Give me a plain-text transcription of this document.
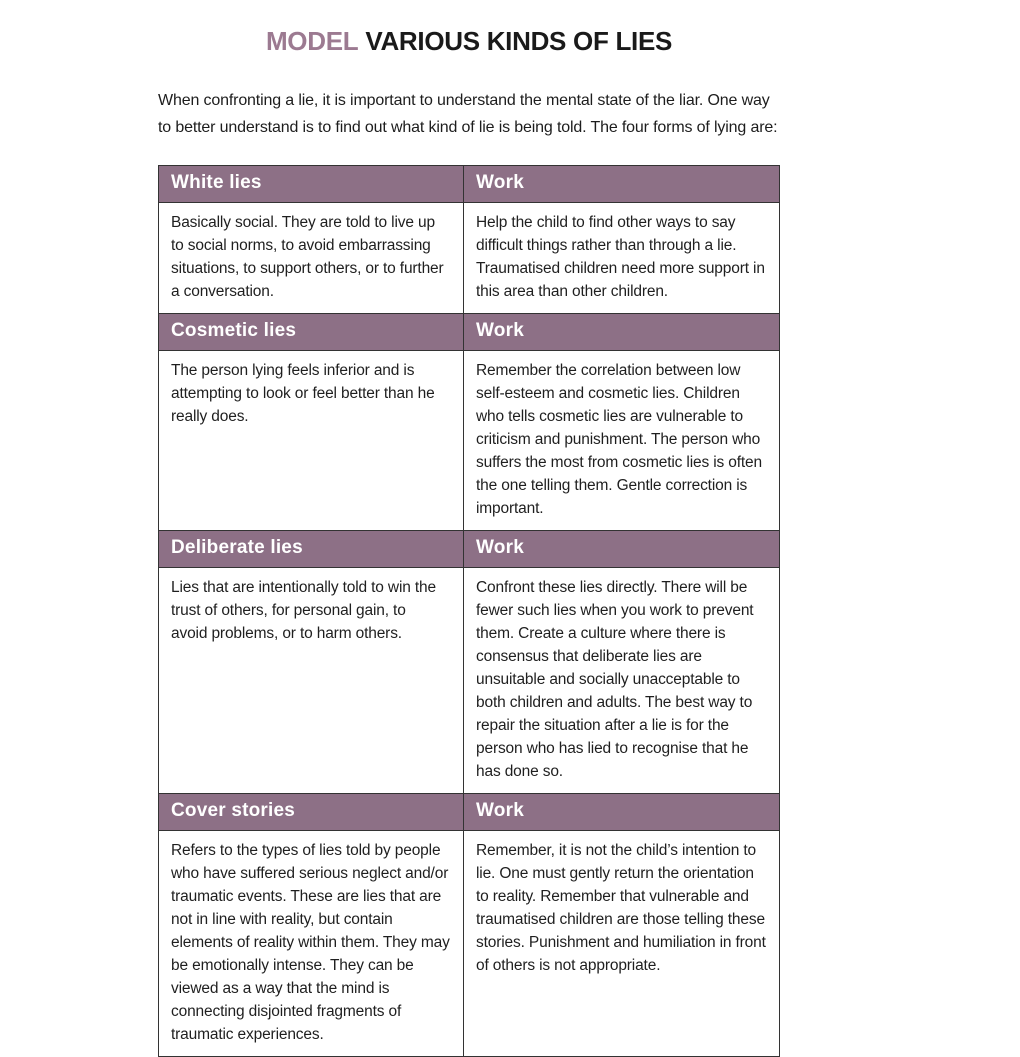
MODEL VARIOUS KINDS OF LIES

When confronting a lie, it is important to understand the mental state of the liar. One way to better understand is to find out what kind of lie is being told. The four forms of lying are:

White lies	Work
Basically social. They are told to live up to social norms, to avoid embarrassing situations, to support others, or to further a conversation.	Help the child to find other ways to say difficult things rather than through a lie. Traumatised children need more support in this area than other children.
Cosmetic lies	Work
The person lying feels inferior and is attempting to look or feel better than he really does.	Remember the correlation between low self-esteem and cosmetic lies. Children who tells cosmetic lies are vulnerable to criticism and punishment. The person who suffers the most from cosmetic lies is often the one telling them. Gentle correction is important.
Deliberate lies	Work
Lies that are intentionally told to win the trust of others, for personal gain, to   avoid problems, or to harm others.	Confront these lies directly. There will be fewer such lies when you work to prevent them. Create a culture where there is consensus that deliberate lies are unsuitable and socially unacceptable to both children and adults. The best way to repair the situation after a lie is for the person who has lied to recognise that he has done so.
Cover stories	Work
Refers to the types of lies told by people who have suffered serious neglect and/or traumatic events. These are lies that are not in line with reality, but contain elements of reality within them. They may be emotionally intense. They can be viewed as a way that the mind is connecting disjointed fragments of traumatic experiences.	Remember, it is not the child’s intention to lie. One must gently return the orientation to reality. Remember that vulnerable and traumatised children are those telling these stories. Punishment and humiliation in front of others is not appropriate.
